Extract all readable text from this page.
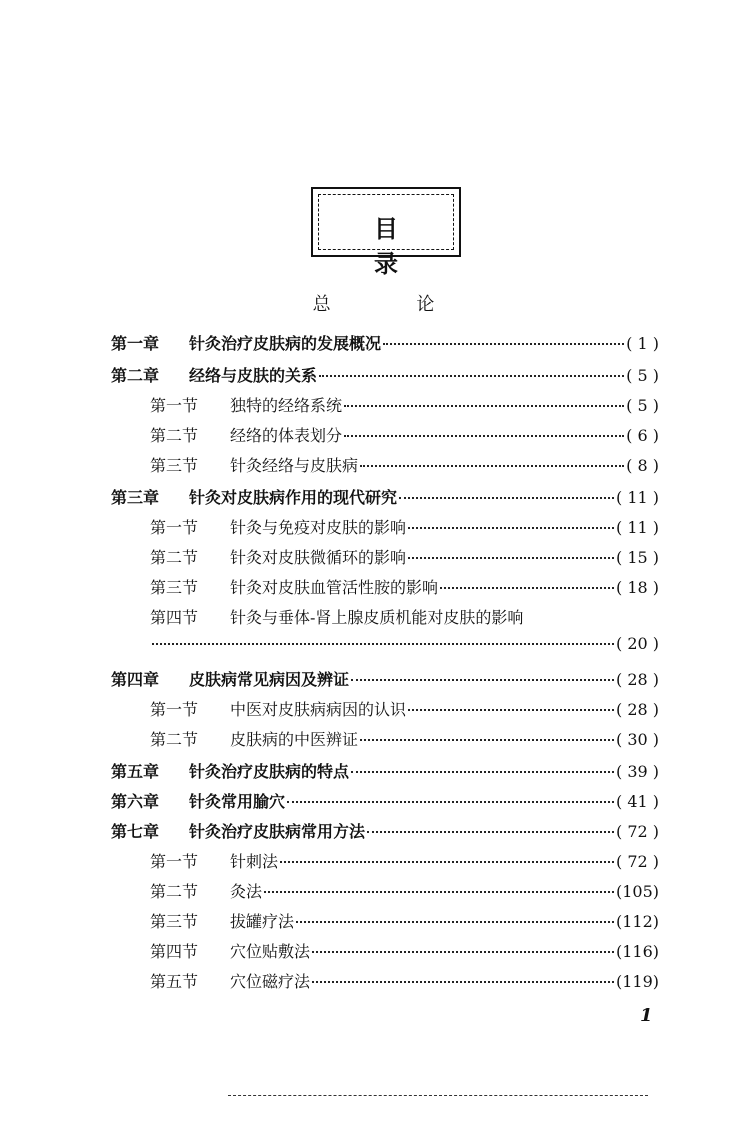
目 录
总 论
第一章	针灸治疗皮肤病的发展概况	( 1 )
第二章	经络与皮肤的关系	( 5 )
第一节	独特的经络系统	( 5 )
第二节	经络的体表划分	( 6 )
第三节	针灸经络与皮肤病	( 8 )
第三章	针灸对皮肤病作用的现代研究	( 11 )
第一节	针灸与免疫对皮肤的影响	( 11 )
第二节	针灸对皮肤微循环的影响	( 15 )
第三节	针灸对皮肤血管活性胺的影响	( 18 )
第四节	针灸与垂体-肾上腺皮质机能对皮肤的影响
( 20 )
第四章	皮肤病常见病因及辨证	( 28 )
第一节	中医对皮肤病病因的认识	( 28 )
第二节	皮肤病的中医辨证	( 30 )
第五章	针灸治疗皮肤病的特点	( 39 )
第六章	针灸常用腧穴	( 41 )
第七章	针灸治疗皮肤病常用方法	( 72 )
第一节	针刺法	( 72 )
第二节	灸法	(105)
第三节	拔罐疗法	(112)
第四节	穴位贴敷法	(116)
第五节	穴位磁疗法	(119)
1
